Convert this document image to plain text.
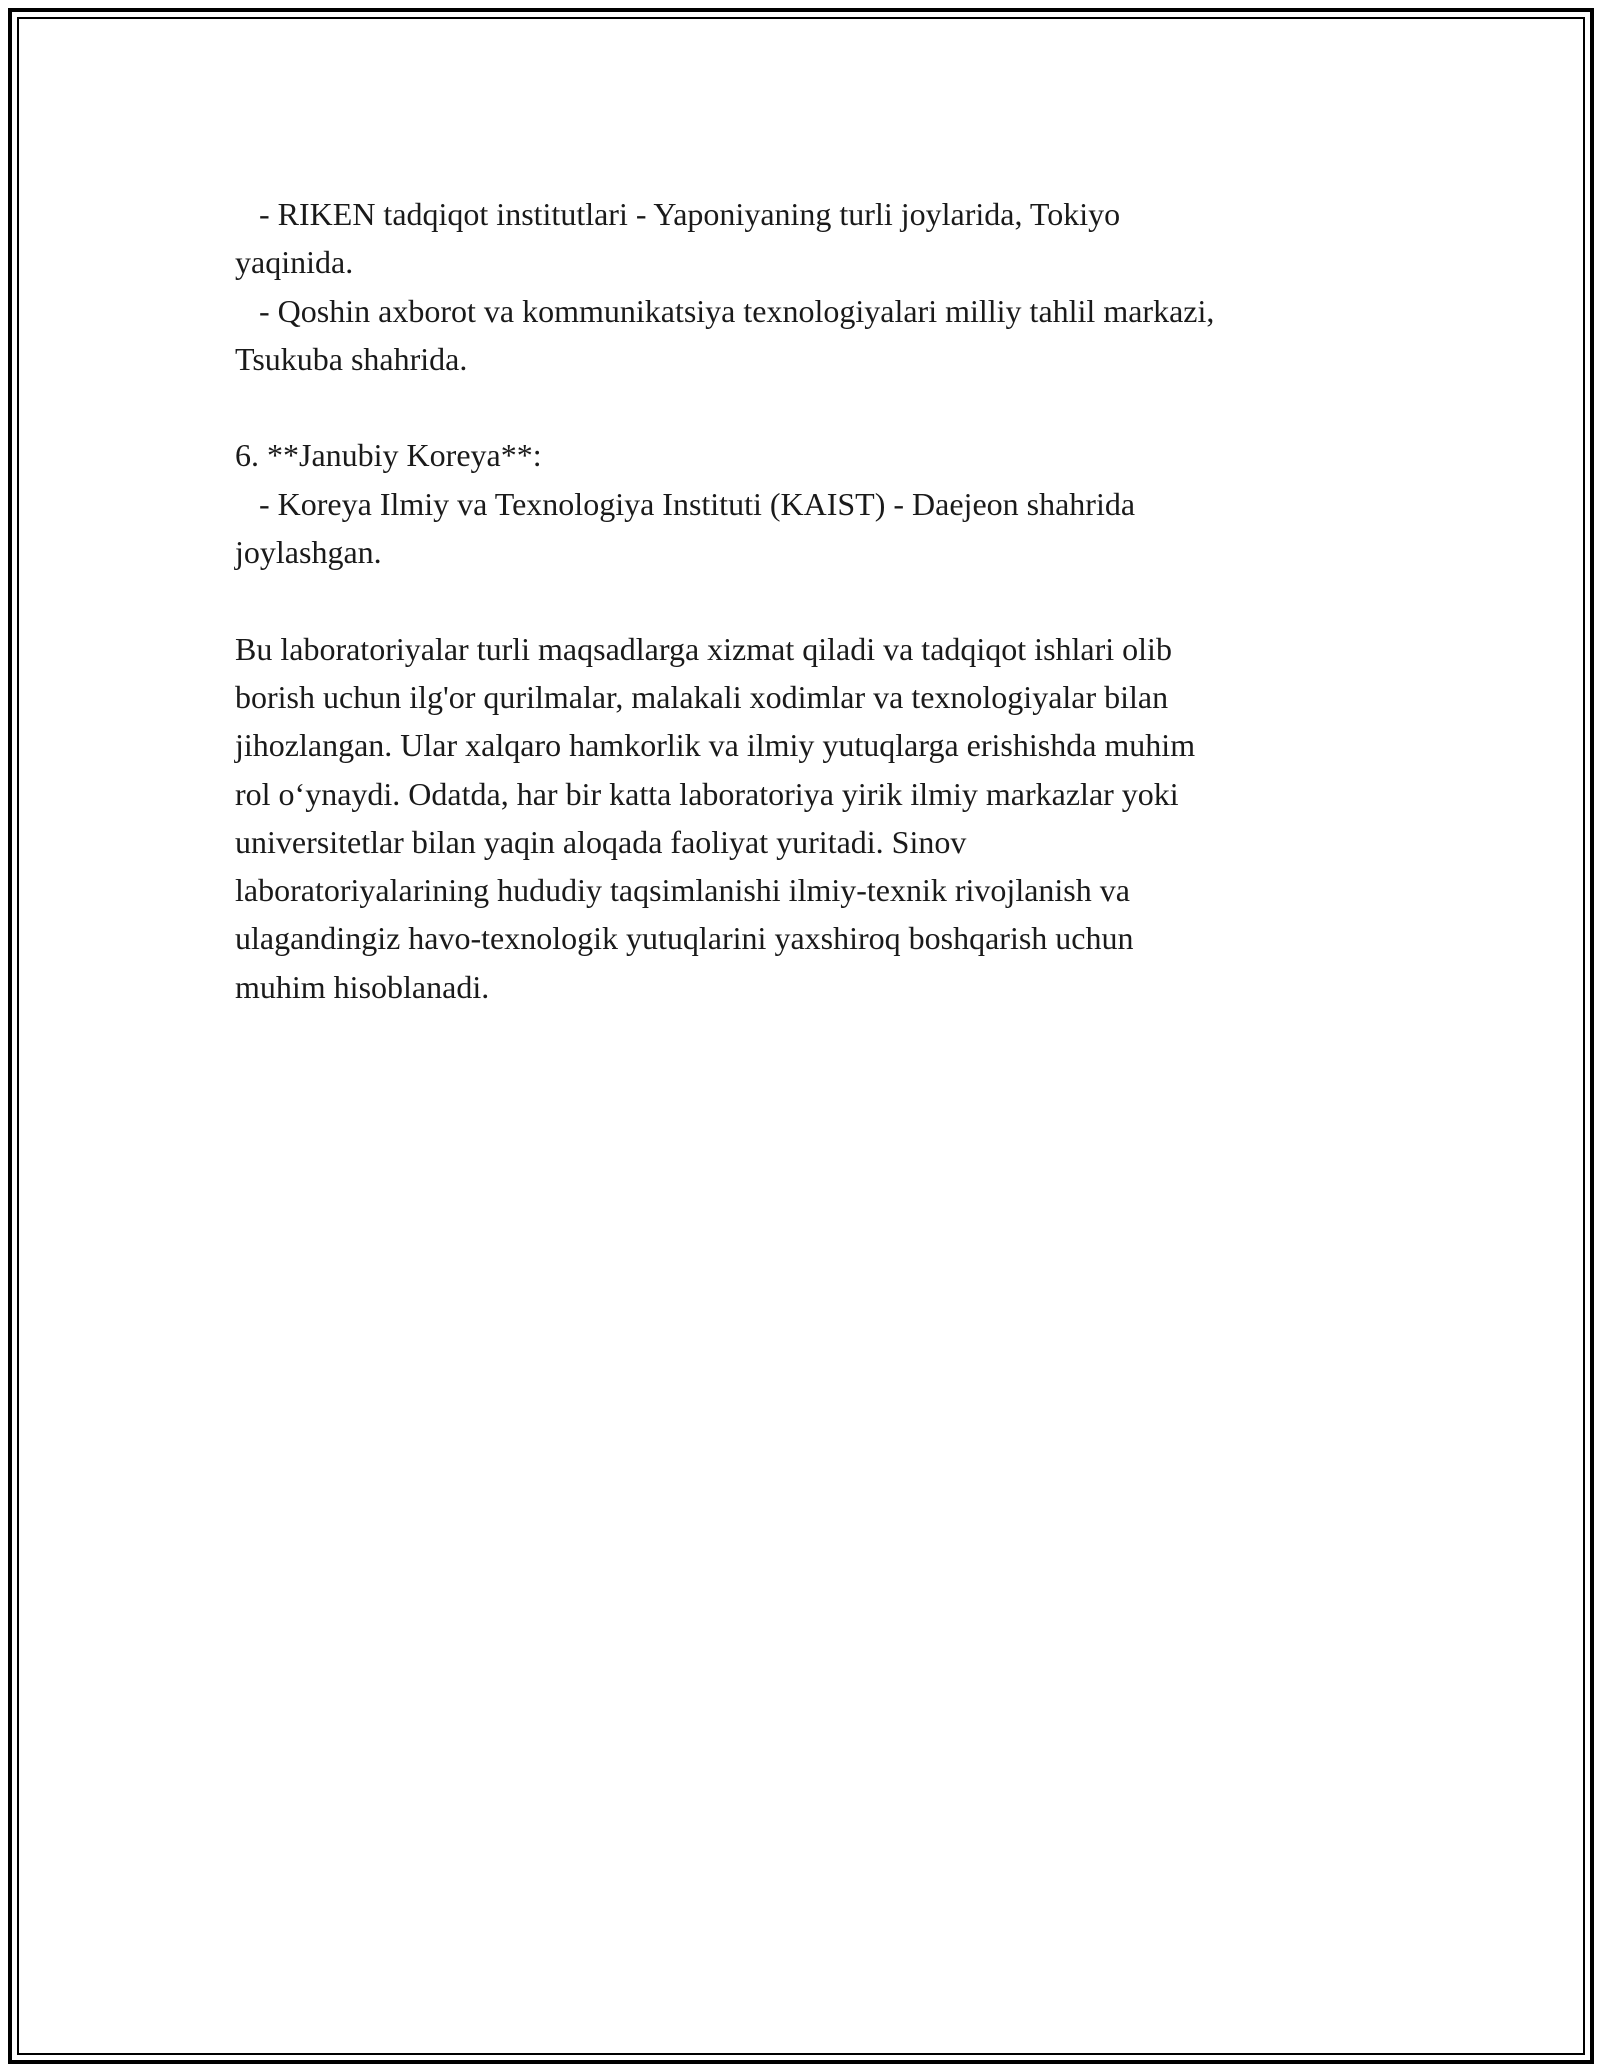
- RIKEN tadqiqot institutlari - Yaponiyaning turli joylarida, Tokiyo
yaqinida.
- Qoshin axborot va kommunikatsiya texnologiyalari milliy tahlil markazi,
Tsukuba shahrida.
6. **Janubiy Koreya**:
- Koreya Ilmiy va Texnologiya Instituti (KAIST) - Daejeon shahrida
joylashgan.
Bu laboratoriyalar turli maqsadlarga xizmat qiladi va tadqiqot ishlari olib
borish uchun ilg'or qurilmalar, malakali xodimlar va texnologiyalar bilan
jihozlangan. Ular xalqaro hamkorlik va ilmiy yutuqlarga erishishda muhim
rol o‘ynaydi. Odatda, har bir katta laboratoriya yirik ilmiy markazlar yoki
universitetlar bilan yaqin aloqada faoliyat yuritadi. Sinov
laboratoriyalarining hududiy taqsimlanishi ilmiy-texnik rivojlanish va
ulagandingiz havo-texnologik yutuqlarini yaxshiroq boshqarish uchun
muhim hisoblanadi.
